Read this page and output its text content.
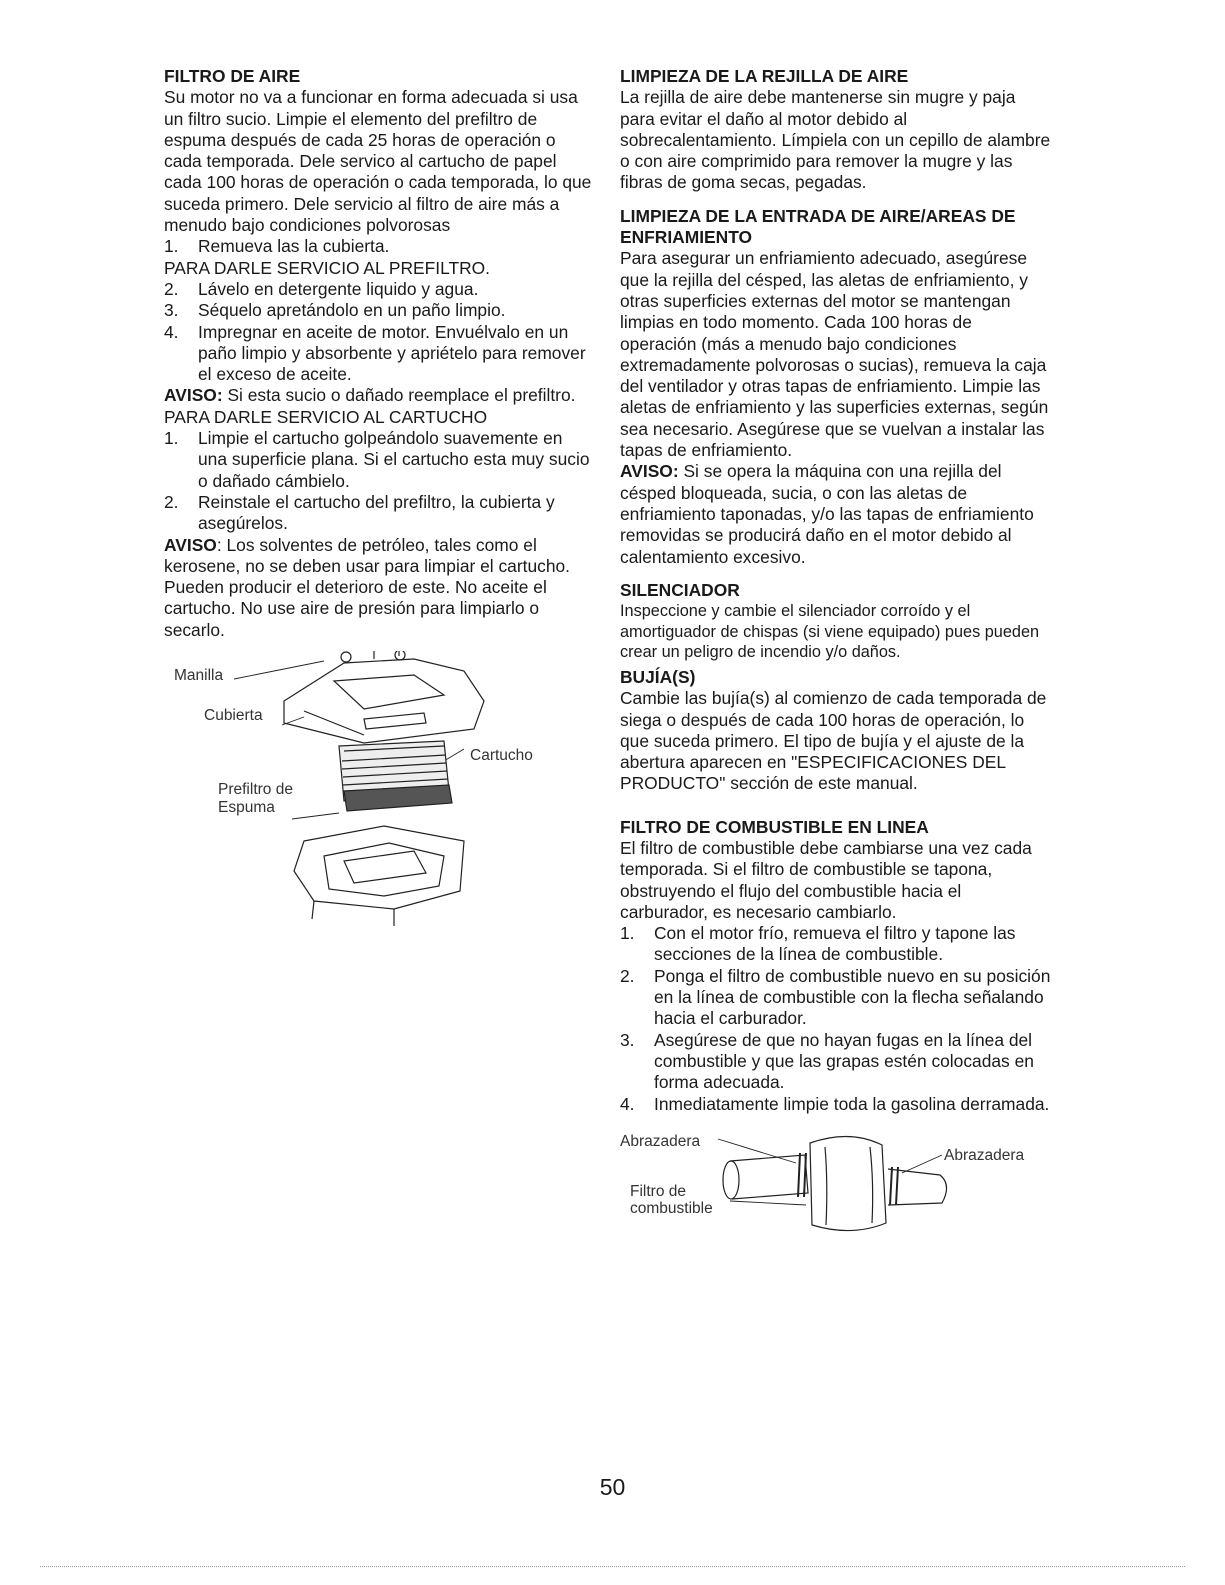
FILTRO DE AIRE

Su motor no va a funcionar en forma adecuada si usa un filtro sucio. Limpie el elemento del prefiltro de espuma después de cada 25 horas de operación o cada temporada. Dele servico al cartucho de papel cada 100 horas de operación o cada temporada, lo que suceda primero. Dele servicio al filtro de aire más a menudo bajo condiciones polvorosas

1. Remueva las la cubierta.

PARA DARLE SERVICIO AL PREFILTRO.

2. Lávelo en detergente liquido y agua.
3. Séquelo apretándolo en un paño limpio.
4. Impregnar en aceite de motor. Envuélvalo en un paño limpio y absorbente y apriételo para remover el exceso de aceite.

AVISO: Si esta sucio o dañado reemplace el prefiltro.

PARA DARLE SERVICIO AL CARTUCHO

1. Limpie el cartucho golpeándolo suavemente en una superficie plana. Si el cartucho esta muy sucio o dañado cámbielo.
2. Reinstale el cartucho del prefiltro, la cubierta y asegúrelos.

AVISO: Los solventes de petróleo, tales como el kerosene, no se deben usar para limpiar el cartucho. Pueden producir el deterioro de este. No aceite el cartucho. No use aire de presión para limpiarlo o secarlo.

Manilla
Cubierta
Cartucho
Prefiltro de
Espuma
LIMPIEZA DE LA REJILLA DE AIRE

La rejilla de aire debe mantenerse sin mugre y paja para evitar el daño al motor debido al sobrecalentamiento. Límpiela con un cepillo de alambre o con aire comprimido para remover la mugre y las fibras de goma secas, pegadas.

LIMPIEZA DE LA ENTRADA DE AIRE/AREAS DE ENFRIAMIENTO

Para asegurar un enfriamiento adecuado, asegúrese que la rejilla del césped, las aletas de enfriamiento, y otras superficies externas del motor se mantengan limpias en todo momento. Cada 100 horas de operación (más a menudo bajo condiciones extremadamente polvorosas o sucias), remueva la caja del ventilador y otras tapas de enfriamiento. Limpie las aletas de enfriamiento y las superficies externas, según sea necesario. Asegúrese que se vuelvan a instalar las tapas de enfriamiento.

AVISO: Si se opera la máquina con una rejilla del césped bloqueada, sucia, o con las aletas de enfriamiento taponadas, y/o las tapas de enfriamiento removidas se producirá daño en el motor debido al calentamiento excesivo.

SILENCIADOR

Inspeccione y cambie el silenciador corroído y el amortiguador de chispas (si viene equipado) pues pueden crear un peligro de incendio y/o daños.

BUJÍA(S)

Cambie las bujía(s) al comienzo de cada temporada de siega o después de cada 100 horas de operación, lo que suceda primero. El tipo de bujía y el ajuste de la abertura aparecen en "ESPECIFICACIONES DEL PRODUCTO" sección de este manual.

FILTRO DE COMBUSTIBLE EN LINEA

El filtro de combustible debe cambiarse una vez cada temporada. Si el filtro de combustible se tapona, obstruyendo el flujo del combustible hacia el carburador, es necesario cambiarlo.

1. Con el motor frío, remueva el filtro y tapone las secciones de la línea de combustible.
2. Ponga el filtro de combustible nuevo en su posición en la línea de combustible con la flecha señalando hacia el carburador.
3. Asegúrese de que no hayan fugas en la línea del combustible y que las grapas estén colocadas en forma adecuada.
4. Inmediatamente limpie toda la gasolina derramada.
Abrazadera
Abrazadera
Filtro de
combustible
50
